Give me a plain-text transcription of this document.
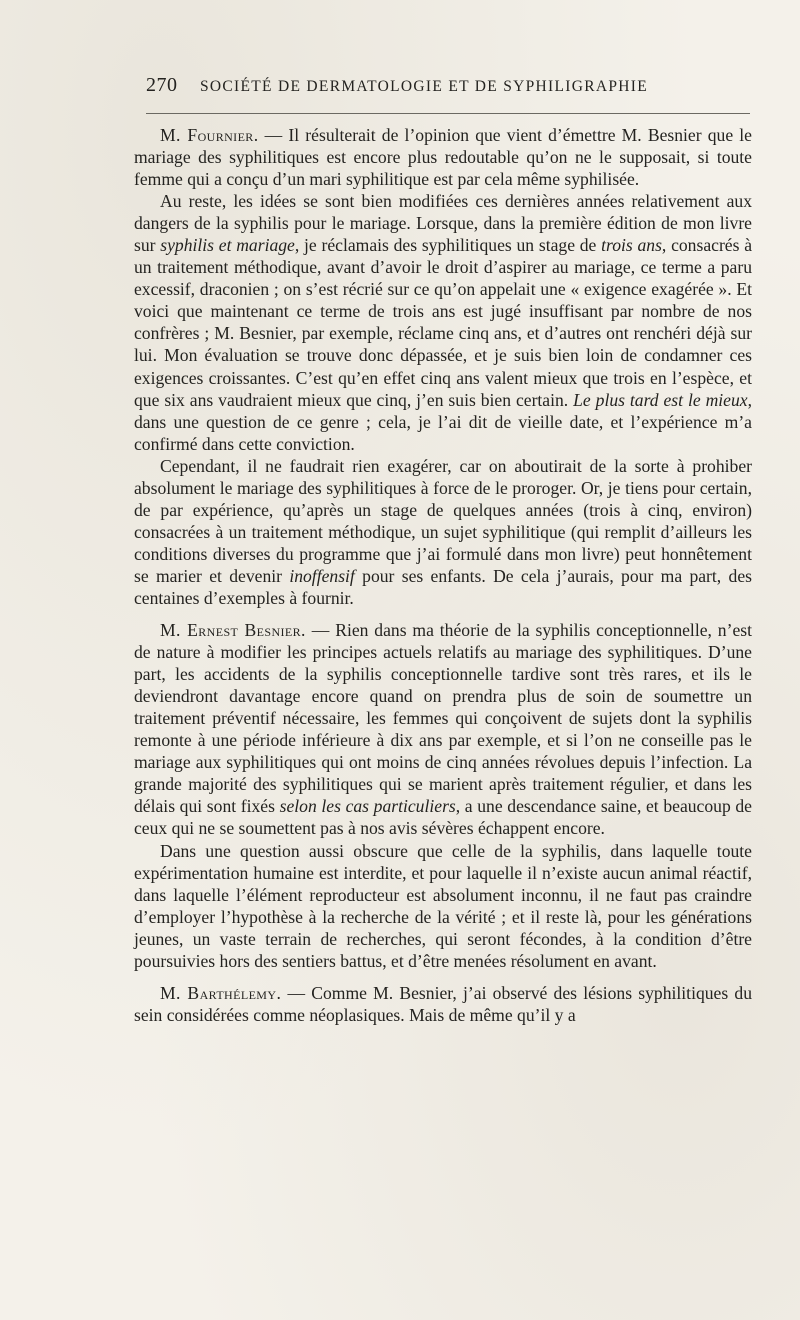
270 SOCIÉTÉ DE DERMATOLOGIE ET DE SYPHILIGRAPHIE

M. Fournier. — Il résulterait de l’opinion que vient d’émettre M. Besnier que le mariage des syphilitiques est encore plus redoutable qu’on ne le supposait, si toute femme qui a conçu d’un mari syphilitique est par cela même syphilisée.

Au reste, les idées se sont bien modifiées ces dernières années relativement aux dangers de la syphilis pour le mariage. Lorsque, dans la première édition de mon livre sur syphilis et mariage, je réclamais des syphilitiques un stage de trois ans, consacrés à un traitement méthodique, avant d’avoir le droit d’aspirer au mariage, ce terme a paru excessif, draconien ; on s’est récrié sur ce qu’on appelait une « exigence exagérée ». Et voici que maintenant ce terme de trois ans est jugé insuffisant par nombre de nos confrères ; M. Besnier, par exemple, réclame cinq ans, et d’autres ont renchéri déjà sur lui. Mon évaluation se trouve donc dépassée, et je suis bien loin de condamner ces exigences croissantes. C’est qu’en effet cinq ans valent mieux que trois en l’espèce, et que six ans vaudraient mieux que cinq, j’en suis bien certain. Le plus tard est le mieux, dans une question de ce genre ; cela, je l’ai dit de vieille date, et l’expérience m’a confirmé dans cette conviction.

Cependant, il ne faudrait rien exagérer, car on aboutirait de la sorte à prohiber absolument le mariage des syphilitiques à force de le proroger. Or, je tiens pour certain, de par expérience, qu’après un stage de quelques années (trois à cinq, environ) consacrées à un traitement méthodique, un sujet syphilitique (qui remplit d’ailleurs les conditions diverses du programme que j’ai formulé dans mon livre) peut honnêtement se marier et devenir inoffensif pour ses enfants. De cela j’aurais, pour ma part, des centaines d’exemples à fournir.

M. Ernest Besnier. — Rien dans ma théorie de la syphilis conceptionnelle, n’est de nature à modifier les principes actuels relatifs au mariage des syphilitiques. D’une part, les accidents de la syphilis conceptionnelle tardive sont très rares, et ils le deviendront davantage encore quand on prendra plus de soin de soumettre un traitement préventif nécessaire, les femmes qui conçoivent de sujets dont la syphilis remonte à une période inférieure à dix ans par exemple, et si l’on ne conseille pas le mariage aux syphilitiques qui ont moins de cinq années révolues depuis l’infection. La grande majorité des syphilitiques qui se marient après traitement régulier, et dans les délais qui sont fixés selon les cas particuliers, a une descendance saine, et beaucoup de ceux qui ne se soumettent pas à nos avis sévères échappent encore.

Dans une question aussi obscure que celle de la syphilis, dans laquelle toute expérimentation humaine est interdite, et pour laquelle il n’existe aucun animal réactif, dans laquelle l’élément reproducteur est absolument inconnu, il ne faut pas craindre d’employer l’hypothèse à la recherche de la vérité ; et il reste là, pour les générations jeunes, un vaste terrain de recherches, qui seront fécondes, à la condition d’être poursuivies hors des sentiers battus, et d’être menées résolument en avant.

M. Barthélemy. — Comme M. Besnier, j’ai observé des lésions syphilitiques du sein considérées comme néoplasiques. Mais de même qu’il y a
